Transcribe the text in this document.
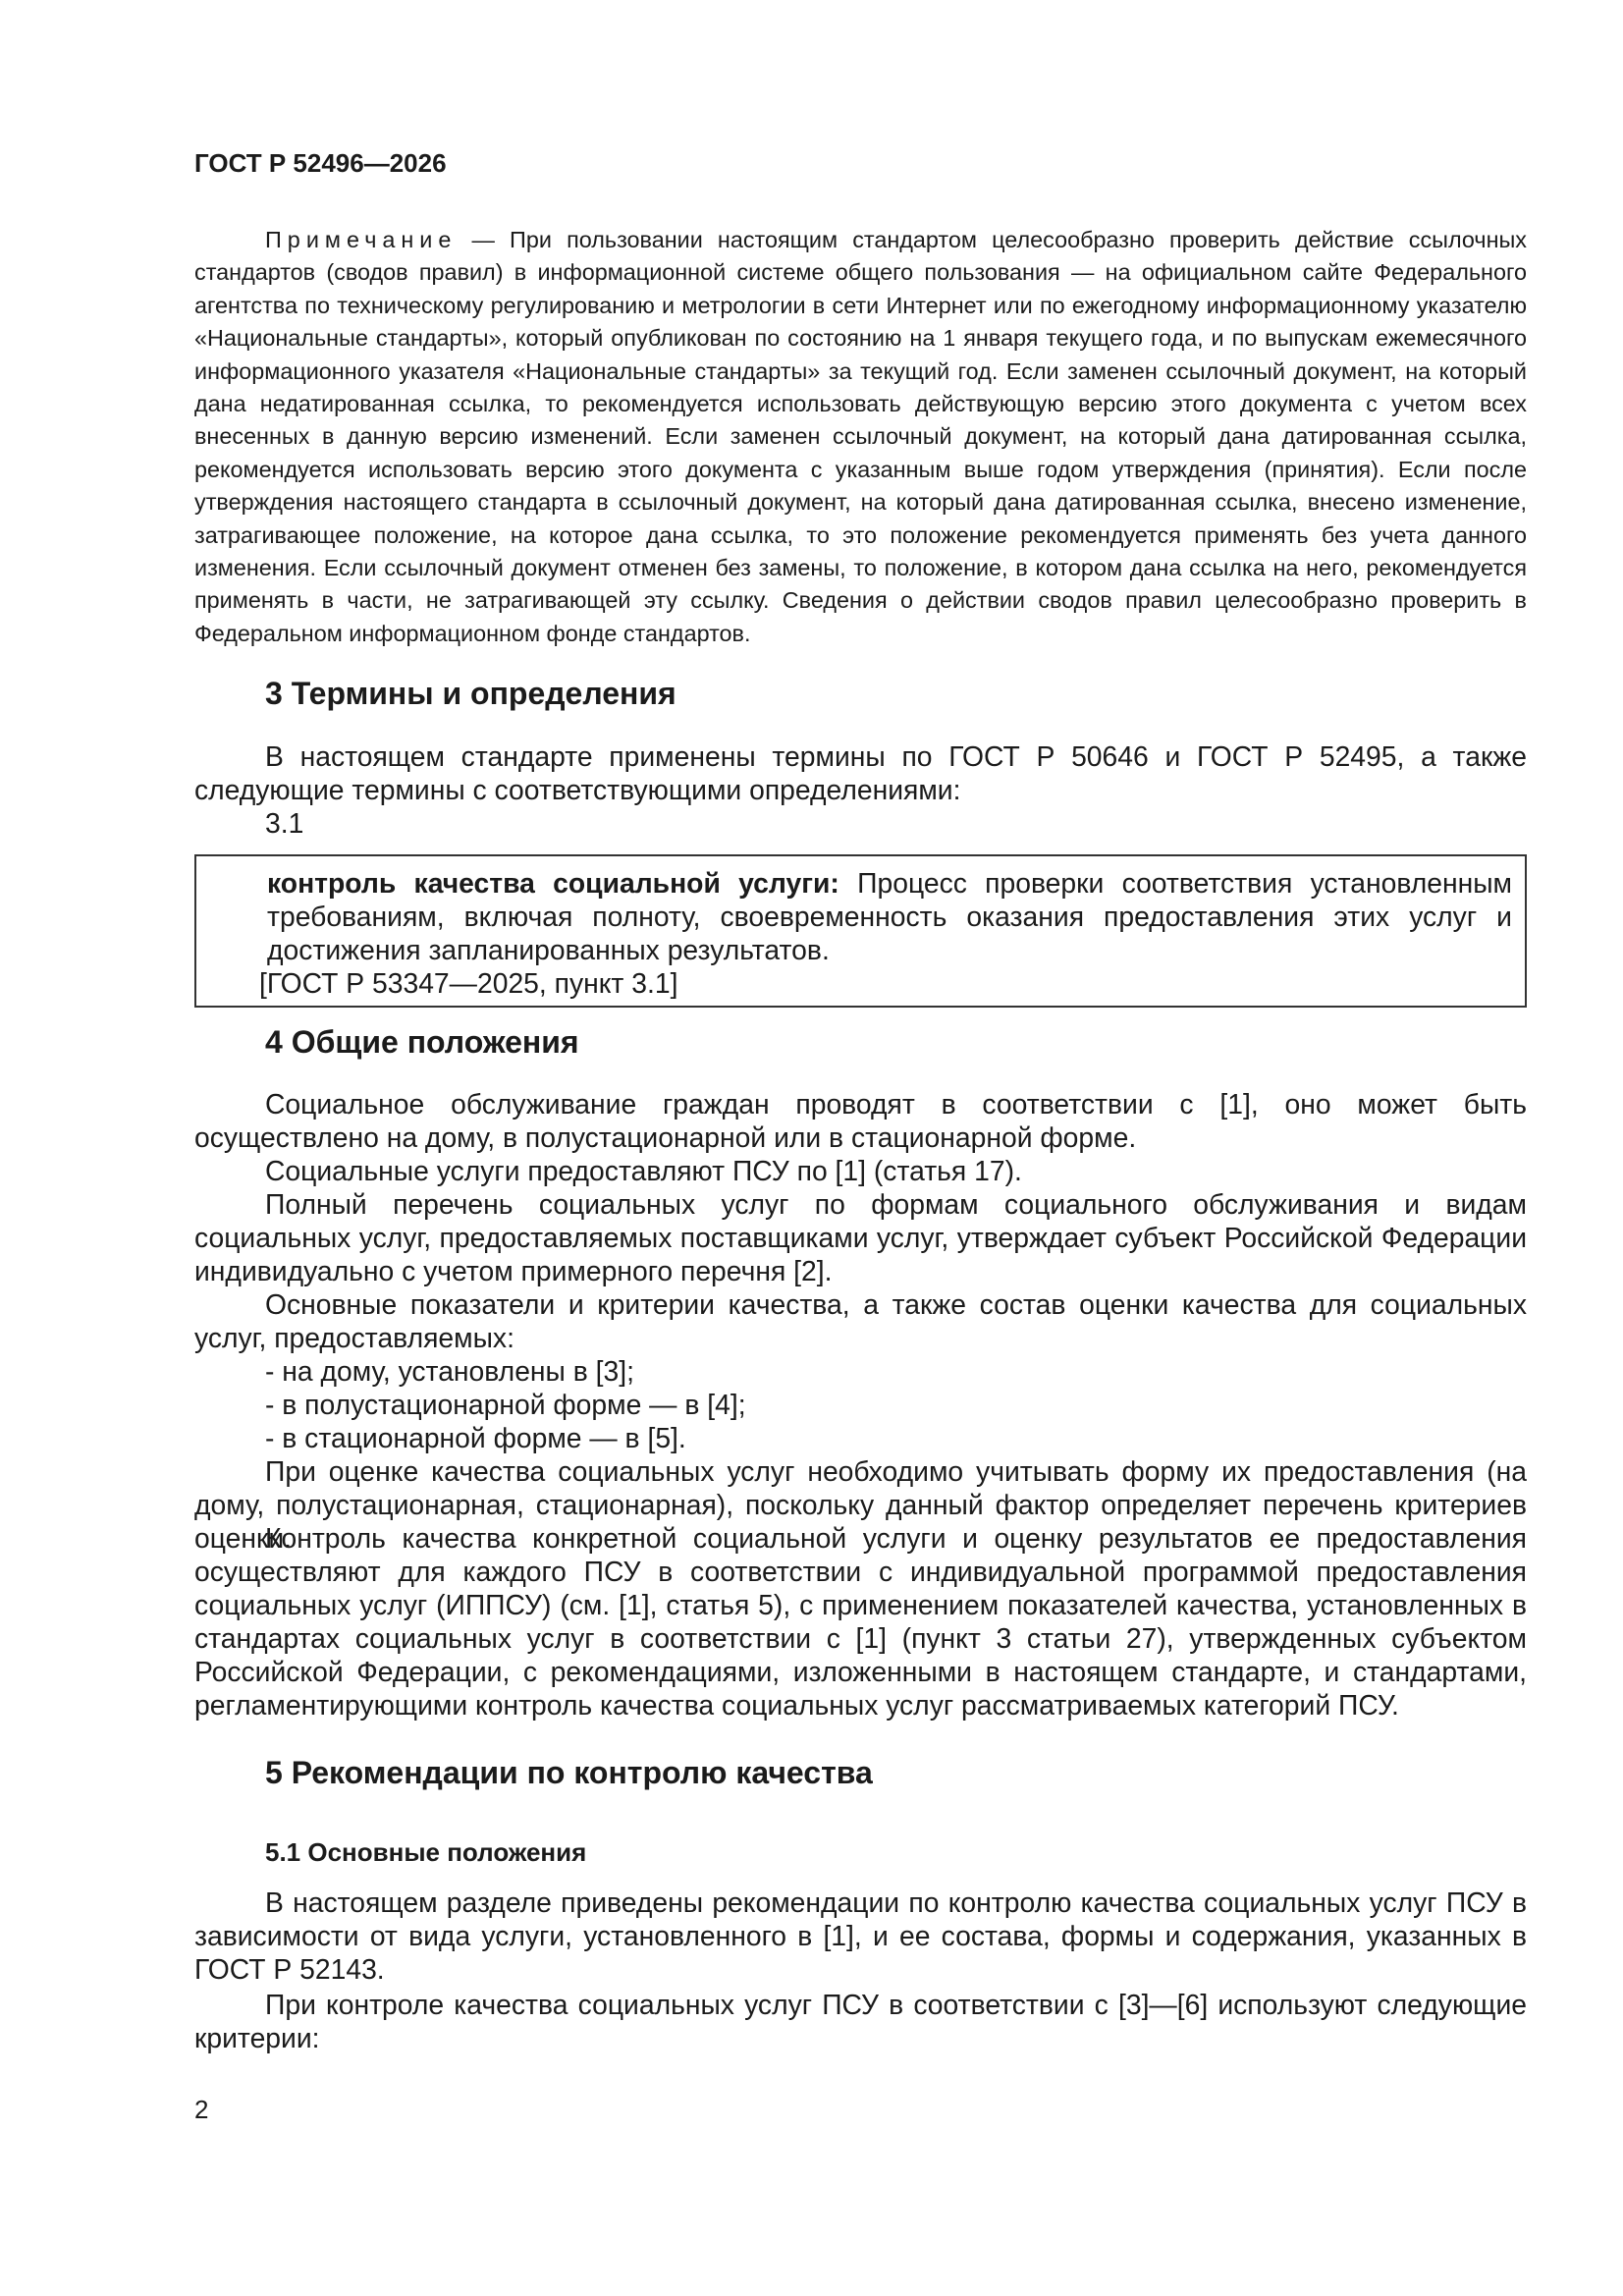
ГОСТ Р 52496—2026

Примечание — При пользовании настоящим стандартом целесообразно проверить действие ссылочных стандартов (сводов правил) в информационной системе общего пользования — на официальном сайте Федерального агентства по техническому регулированию и метрологии в сети Интернет или по ежегодному информационному указателю «Национальные стандарты», который опубликован по состоянию на 1 января текущего года, и по выпускам ежемесячного информационного указателя «Национальные стандарты» за текущий год. Если заменен ссылочный документ, на который дана недатированная ссылка, то рекомендуется использовать действующую версию этого документа с учетом всех внесенных в данную версию изменений. Если заменен ссылочный документ, на который дана датированная ссылка, рекомендуется использовать версию этого документа с указанным выше годом утверждения (принятия). Если после утверждения настоящего стандарта в ссылочный документ, на который дана датированная ссылка, внесено изменение, затрагивающее положение, на которое дана ссылка, то это положение рекомендуется применять без учета данного изменения. Если ссылочный документ отменен без замены, то положение, в котором дана ссылка на него, рекомендуется применять в части, не затрагивающей эту ссылку. Сведения о действии сводов правил целесообразно проверить в Федеральном информационном фонде стандартов.

3 Термины и определения

В настоящем стандарте применены термины по ГОСТ Р 50646 и ГОСТ Р 52495, а также следующие термины с соответствующими определениями:

3.1

контроль качества социальной услуги: Процесс проверки соответствия установленным требованиям, включая полноту, своевременность оказания предоставления этих услуг и достижения запланированных результатов.

[ГОСТ Р 53347—2025, пункт 3.1]

4 Общие положения

Социальное обслуживание граждан проводят в соответствии с [1], оно может быть осуществлено на дому, в полустационарной или в стационарной форме.

Социальные услуги предоставляют ПСУ по [1] (статья 17).

Полный перечень социальных услуг по формам социального обслуживания и видам социальных услуг, предоставляемых поставщиками услуг, утверждает субъект Российской Федерации индивидуально с учетом примерного перечня [2].

Основные показатели и критерии качества, а также состав оценки качества для социальных услуг, предоставляемых:

- на дому, установлены в [3];
- в полустационарной форме — в [4];
- в стационарной форме — в [5].

При оценке качества социальных услуг необходимо учитывать форму их предоставления (на дому, полустационарная, стационарная), поскольку данный фактор определяет перечень критериев оценки.

Контроль качества конкретной социальной услуги и оценку результатов ее предоставления осуществляют для каждого ПСУ в соответствии с индивидуальной программой предоставления социальных услуг (ИППСУ) (см. [1], статья 5), с применением показателей качества, установленных в стандартах социальных услуг в соответствии с [1] (пункт 3 статьи 27), утвержденных субъектом Российской Федерации, с рекомендациями, изложенными в настоящем стандарте, и стандартами, регламентирующими контроль качества социальных услуг рассматриваемых категорий ПСУ.

5 Рекомендации по контролю качества
5.1 Основные положения

В настоящем разделе приведены рекомендации по контролю качества социальных услуг ПСУ в зависимости от вида услуги, установленного в [1], и ее состава, формы и содержания, указанных в ГОСТ Р 52143.

При контроле качества социальных услуг ПСУ в соответствии с [3]—[6] используют следующие критерии:

2
